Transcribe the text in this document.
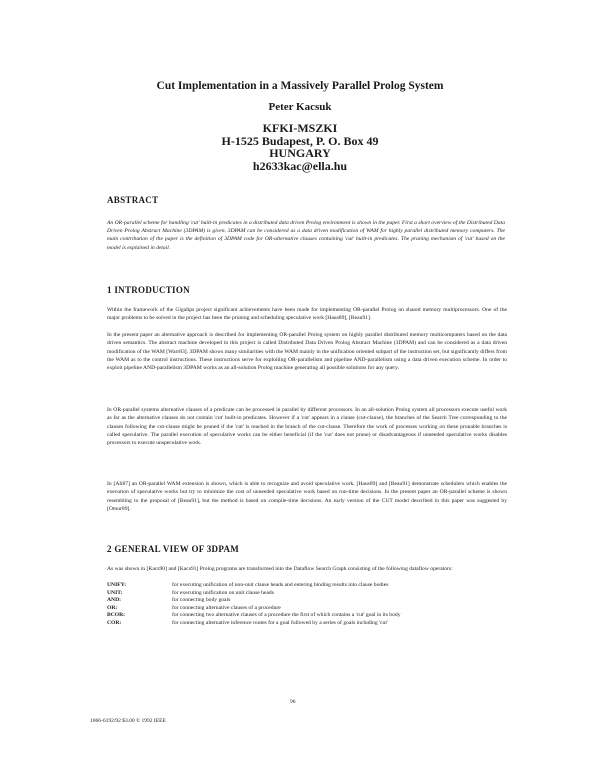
Cut Implementation in a Massively Parallel Prolog System
Peter Kacsuk
KFKI-MSZKI
H-1525 Budapest, P. O. Box 49
HUNGARY
h2633kac@ella.hu
ABSTRACT
An OR-parallel scheme for handling 'cut' built-in predicates in a distributed data driven Prolog environment is shown in the paper. First a short overview of the Distributed Data Driven Prolog Abstract Machine (3DPAM) is given. 3DPAM can be considered as a data driven modification of WAM for highly parallel distributed memory computers. The main contribution of the paper is the definition of 3DPAM code for OR-alternative clauses containing 'cut' built-in predicates. The pruning mechanism of 'cut' based on the model is explained in detail.
1 INTRODUCTION
Within the framework of the Gigalips project significant achievements have been made for implementing OR-parallel Prolog on shared memory multiprocessors. One of the major problems to be solved in the project has been the pruning and scheduling speculative work [Haus89], [Beau91].
In the present paper an alternative approach is described for implementing OR-parallel Prolog system on highly parallel distributed memory multicomputers based on the data driven semantics. The abstract machine developed in this project is called Distributed Data Driven Prolog Abstract Machine (3DPAM) and can be considered as a data driven modification of the WAM [Warr83]. 3DPAM shows many similarities with the WAM mainly in the unification oriented subpart of the instruction set, but significantly differs from the WAM as to the control instructions. These instructions serve for exploiting OR-parallelism and pipeline AND-parallelism using a data driven execution scheme. In order to exploit pipeline AND-parallelism 3DPAM works as an all-solution Prolog machine generating all possible solutions for any query.
In OR-parallel systems alternative clauses of a predicate can be processed in parallel by different processors. In an all-solution Prolog system all processors execute useful work as far as the alternative clauses do not contain 'cut' built-in predicates. However if a 'cut' appears in a clause (cut-clause), the branches of the Search Tree corresponding to the clauses following the cut-clause might be pruned if the 'cut' is reached in the branch of the cut-clause. Therefore the work of processes working on these prunable branches is called speculative. The parallel execution of speculative works can be either beneficial (if the 'cut' does not prune) or disadvantageous if unneeded speculative works disables processors to execute unspeculative work.
In [Ali87] an OR-parallel WAM extension is shown, which is able to recognize and avoid speculative work. [Haus89] and [Beau91] demonstrate schedulers which enables the execution of speculative works but try to minimize the cost of unneeded speculative work based on run-time decisions. In the present paper an OR-parallel scheme is shown resembling to the proposal of [Beau91], but the method is based on compile-time decisions. An early version of the CUT model described in this paper was suggested by [Omur89].
2 GENERAL VIEW OF 3DPAM
As was shown in [Kacs90] and [Kacs91] Prolog programs are transformed into the Dataflow Search Graph consisting of the following dataflow operators:
UNIFY:	for executing unification of non-unit clause heads and entering binding results into clause bodies
UNIT:	for executing unification on unit clause heads
AND:	for connecting body goals
OR:	for connecting alternative clauses of a procedure
BCOR:	for connecting two alternative clauses of a procedure the first of which contains a 'cut' goal in its body
COR:	for connecting alternative inference routes for a goal followed by a series of goals including 'cut'
96
1066-6192/92 $3.00 © 1992 IEEE
